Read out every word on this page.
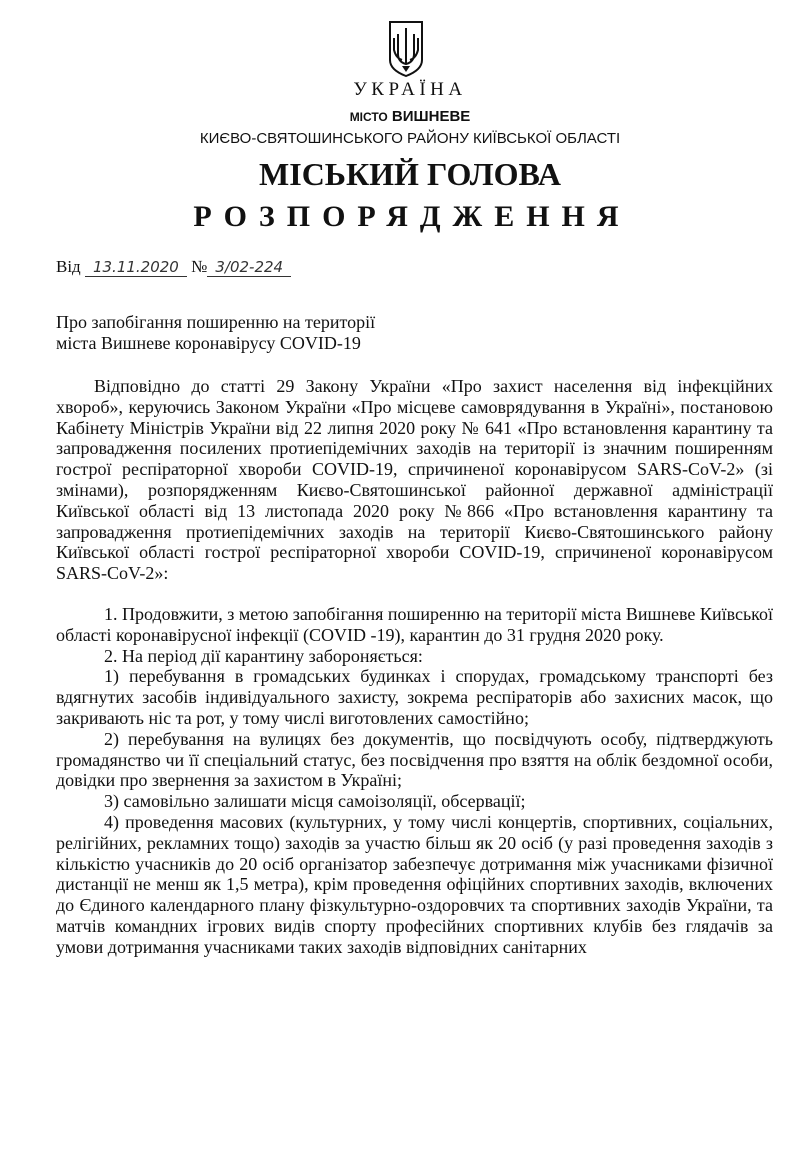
УКРАЇНА
МІСТО ВИШНЕВЕ
КИЄВО-СВЯТОШИНСЬКОГО РАЙОНУ КИЇВСЬКОЇ ОБЛАСТІ
МІСЬКИЙ ГОЛОВА
РОЗПОРЯДЖЕННЯ
Від 13.11.2020 № 3/02-224
Про запобігання поширенню на території
міста Вишневе коронавірусу COVID-19

Відповідно до статті 29 Закону України «Про захист населення від інфекційних хвороб», керуючись Законом України «Про місцеве самоврядування в Україні», постановою Кабінету Міністрів України від 22 липня 2020 року № 641 «Про встановлення карантину та запровадження посилених протиепідемічних заходів на території із значним поширенням гострої респіраторної хвороби COVID-19, спричиненої коронавірусом SARS-CoV-2» (зі змінами), розпорядженням Києво-Святошинської районної державної адміністрації Київської області від 13 листопада 2020 року №866 «Про встановлення карантину та запровадження протиепідемічних заходів на території Києво-Святошинського району Київської області гострої респіраторної хвороби COVID-19, спричиненої коронавірусом SARS-CoV-2»:

1. Продовжити, з метою запобігання поширенню на території міста Вишневе Київської області коронавірусної інфекції (COVID -19), карантин до 31 грудня 2020 року.

2. На період дії карантину забороняється:

1) перебування в громадських будинках і спорудах, громадському транспорті без вдягнутих засобів індивідуального захисту, зокрема респіраторів або захисних масок, що закривають ніс та рот, у тому числі виготовлених самостійно;

2) перебування на вулицях без документів, що посвідчують особу, підтверджують громадянство чи її спеціальний статус, без посвідчення про взяття на облік бездомної особи, довідки про звернення за захистом в Україні;

3) самовільно залишати місця самоізоляції, обсервації;

4) проведення масових (культурних, у тому числі концертів, спортивних, соціальних, релігійних, рекламних тощо) заходів за участю більш як 20 осіб (у разі проведення заходів з кількістю учасників до 20 осіб організатор забезпечує дотримання між учасниками фізичної дистанції не менш як 1,5 метра), крім проведення офіційних спортивних заходів, включених до Єдиного календарного плану фізкультурно-оздоровчих та спортивних заходів України, та матчів командних ігрових видів спорту професійних спортивних клубів без глядачів за умови дотримання учасниками таких заходів відповідних санітарних
